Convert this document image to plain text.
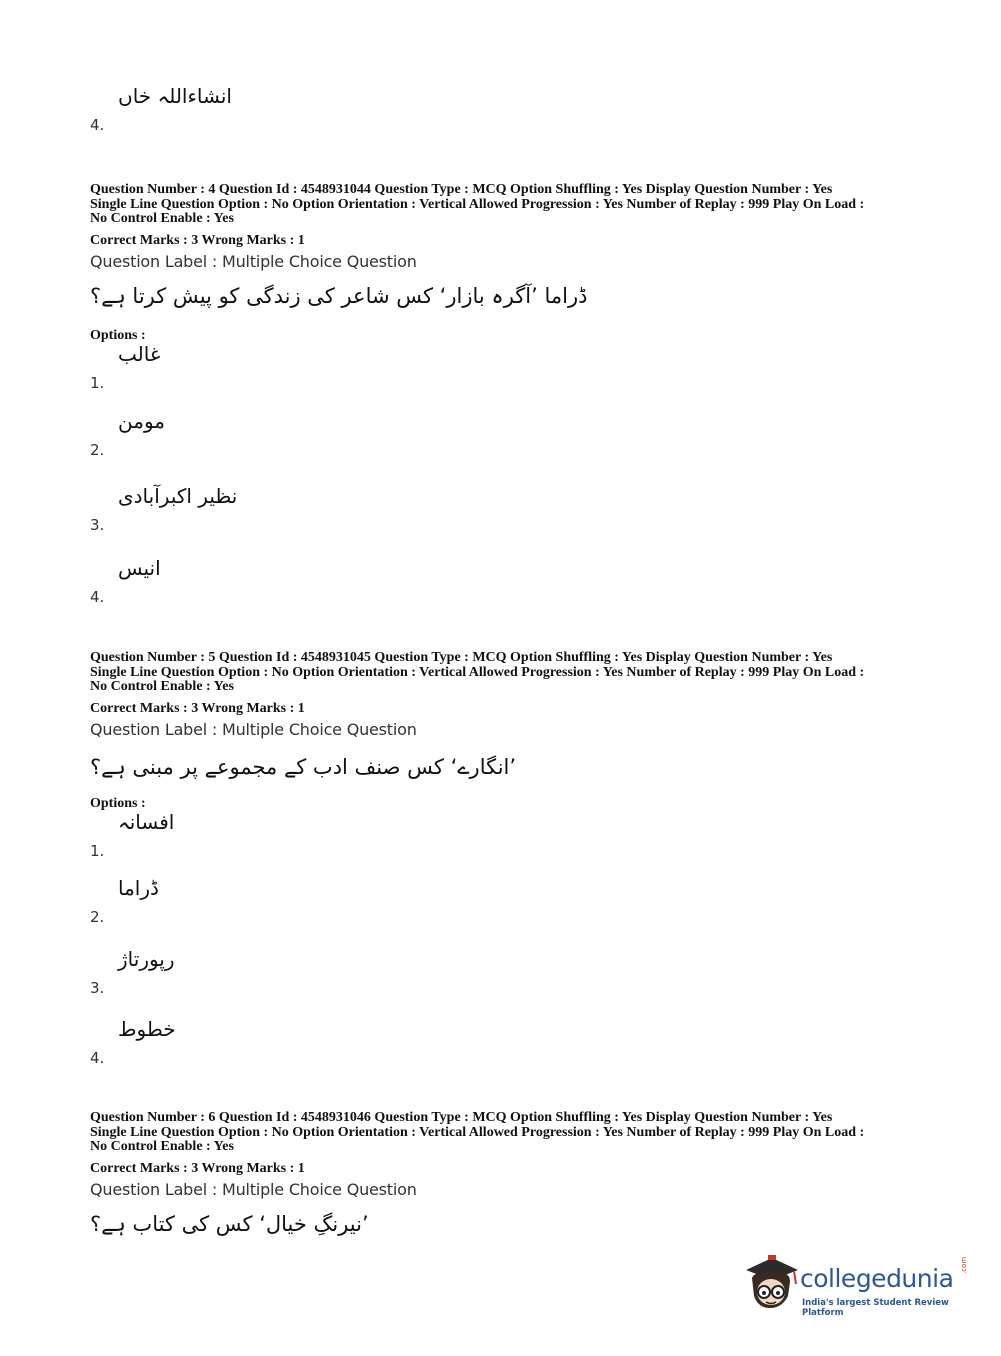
انشاءاللہ خاں
4.

Question Number : 4 Question Id : 4548931044 Question Type : MCQ Option Shuffling : Yes Display Question Number : Yes

Single Line Question Option : No Option Orientation : Vertical Allowed Progression : Yes Number of Replay : 999 Play On Load :

No Control Enable : Yes

Correct Marks : 3 Wrong Marks : 1
Question Label : Multiple Choice Question
ڈراما ’آگرہ بازار‘ کس شاعر کی زندگی کو پیش کرتا ہے؟
Options :
غالب
1.
مومن
2.
نظیر اکبرآبادی
3.
انیس
4.

Question Number : 5 Question Id : 4548931045 Question Type : MCQ Option Shuffling : Yes Display Question Number : Yes

Single Line Question Option : No Option Orientation : Vertical Allowed Progression : Yes Number of Replay : 999 Play On Load :

No Control Enable : Yes

Correct Marks : 3 Wrong Marks : 1
Question Label : Multiple Choice Question
’انگارے‘ کس صنف ادب کے مجموعے پر مبنی ہے؟
Options :
افسانہ
1.
ڈراما
2.
رپورتاژ
3.
خطوط
4.

Question Number : 6 Question Id : 4548931046 Question Type : MCQ Option Shuffling : Yes Display Question Number : Yes

Single Line Question Option : No Option Orientation : Vertical Allowed Progression : Yes Number of Replay : 999 Play On Load :

No Control Enable : Yes

Correct Marks : 3 Wrong Marks : 1
Question Label : Multiple Choice Question
’نیرنگِ خیال‘ کس کی کتاب ہے؟
collegedunia .com
India's largest Student Review Platform
